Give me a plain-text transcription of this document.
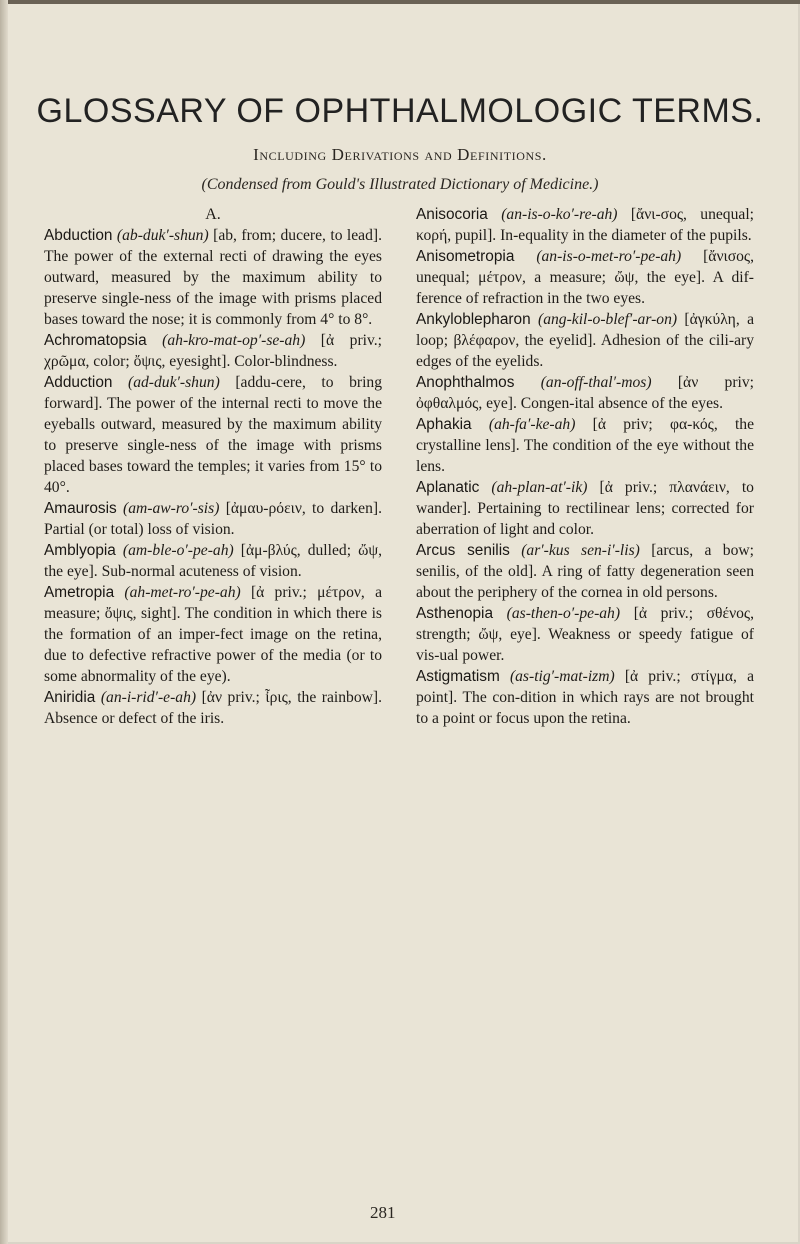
GLOSSARY OF OPHTHALMOLOGIC TERMS.
Including Derivations and Definitions.
(Condensed from Gould's Illustrated Dictionary of Medicine.)
A.

Abduction (ab-duk′-shun) [ab, from; ducere, to lead]. The power of the external recti of drawing the eyes outward, measured by the maximum ability to preserve single-ness of the image with prisms placed bases toward the nose; it is commonly from 4° to 8°.

Achromatopsia (ah-kro-mat-op′-se-ah) [ἀ priv.; χρῶμα, color; ὄψις, eyesight]. Color-blindness.

Adduction (ad-duk′-shun) [addu-cere, to bring forward]. The power of the internal recti to move the eyeballs outward, measured by the maximum ability to preserve single-ness of the image with prisms placed bases toward the temples; it varies from 15° to 40°.

Amaurosis (am-aw-ro′-sis) [ἀμαυ-ρόειν, to darken]. Partial (or total) loss of vision.

Amblyopia (am-ble-o′-pe-ah) [ἀμ-βλύς, dulled; ὤψ, the eye]. Sub-normal acuteness of vision.

Ametropia (ah-met-ro′-pe-ah) [ἀ priv.; μέτρον, a measure; ὄψις, sight]. The condition in which there is the formation of an imper-fect image on the retina, due to defective refractive power of the media (or to some abnormality of the eye).

Aniridia (an-i-rid′-e-ah) [ἀν priv.; ἶρις, the rainbow]. Absence or defect of the iris.

Anisocoria (an-is-o-ko′-re-ah) [ἄνι-σος, unequal; κορή, pupil]. In-equality in the diameter of the pupils.

Anisometropia (an-is-o-met-ro′-pe-ah) [ἄνισος, unequal; μέτρον, a measure; ὤψ, the eye]. A dif-ference of refraction in the two eyes.

Ankyloblepharon (ang-kil-o-blef′-ar-on) [ἀγκύλη, a loop; βλέφαρον, the eyelid]. Adhesion of the cili-ary edges of the eyelids.

Anophthalmos (an-off-thal′-mos) [ἀν priv; ὀφθαλμός, eye]. Congen-ital absence of the eyes.

Aphakia (ah-fa′-ke-ah) [ἀ priv; φα-κός, the crystalline lens]. The condition of the eye without the lens.

Aplanatic (ah-plan-at′-ik) [ἀ priv.; πλανάειν, to wander]. Pertaining to rectilinear lens; corrected for aberration of light and color.

Arcus senilis (ar′-kus sen-i′-lis) [arcus, a bow; senilis, of the old]. A ring of fatty degeneration seen about the periphery of the cornea in old persons.

Asthenopia (as-then-o′-pe-ah) [ἀ priv.; σθένος, strength; ὤψ, eye]. Weakness or speedy fatigue of vis-ual power.

Astigmatism (as-tig′-mat-izm) [ἀ priv.; στίγμα, a point]. The con-dition in which rays are not brought to a point or focus upon the retina.

281
